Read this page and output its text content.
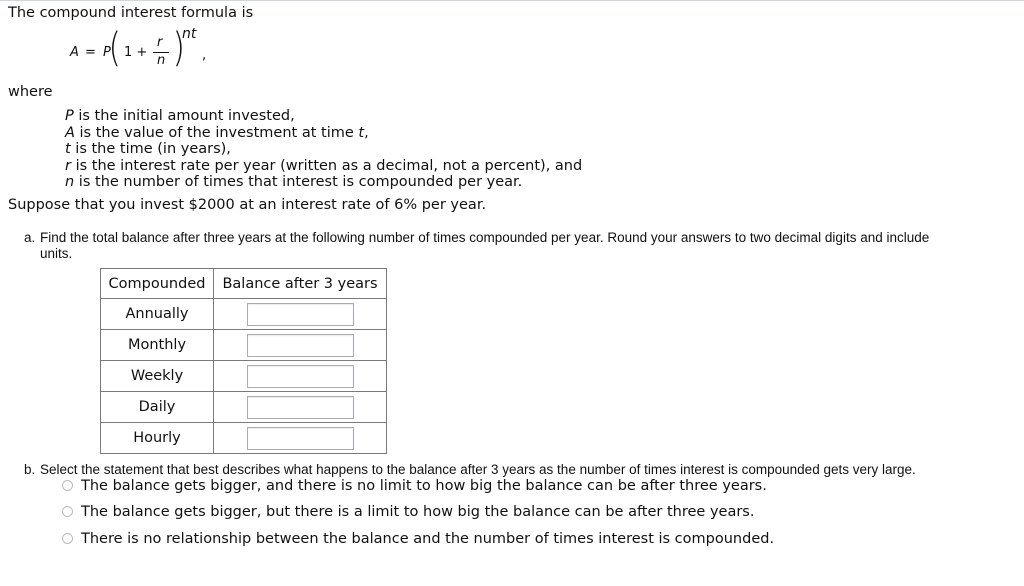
The compound interest formula is
A = P
( 1 +
r
n )
nt
,
where
P is the initial amount invested,
A is the value of the investment at time t,
t is the time (in years),
r is the interest rate per year (written as a decimal, not a percent), and
n is the number of times that interest is compounded per year.
Suppose that you invest $2000 at an interest rate of 6% per year.
a. Find the total balance after three years at the following number of times compounded per year. Round your answers to two decimal digits and include
units.
Compounded	Balance after 3 years
Annually	
Monthly	
Weekly	
Daily	
Hourly	
b. Select the statement that best describes what happens to the balance after 3 years as the number of times interest is compounded gets very large.
The balance gets bigger, and there is no limit to how big the balance can be after three years.
The balance gets bigger, but there is a limit to how big the balance can be after three years.
There is no relationship between the balance and the number of times interest is compounded.
